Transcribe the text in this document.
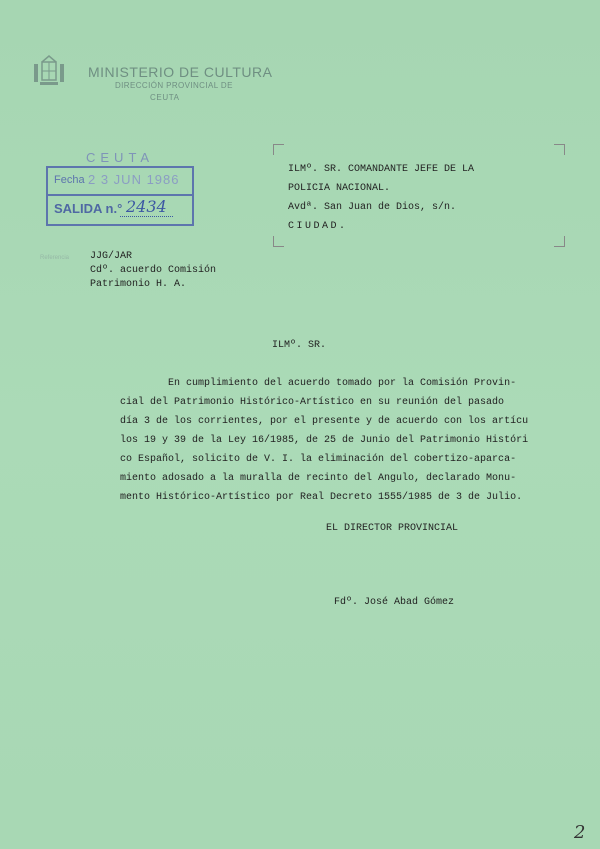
MINISTERIO DE CULTURA
DIRECCIÓN PROVINCIAL DE
CEUTA
CEUTA
Fecha 2 3 JUN 1986
SALIDA n.° 2434
ILMº. SR. COMANDANTE JEFE DE LA
POLICIA NACIONAL.
Avdª. San Juan de Dios, s/n.
CIUDAD.
Referencia JJG/JAR
Cdº. acuerdo Comisión
Patrimonio H. A.
ILMº. SR.
En cumplimiento del acuerdo tomado por la Comisión Provin-
cial del Patrimonio Histórico-Artístico en su reunión del pasado
día 3 de los corrientes, por el presente y de acuerdo con los artícu
los 19 y 39 de la Ley 16/1985, de 25 de Junio del Patrimonio Históri
co Español, solicito de V. I. la eliminación del cobertizo-aparca-
miento adosado a la muralla de recinto del Angulo, declarado Monu-
mento Histórico-Artístico por Real Decreto 1555/1985 de 3 de Julio.
EL DIRECTOR PROVINCIAL
Fdº. José Abad Gómez
2
